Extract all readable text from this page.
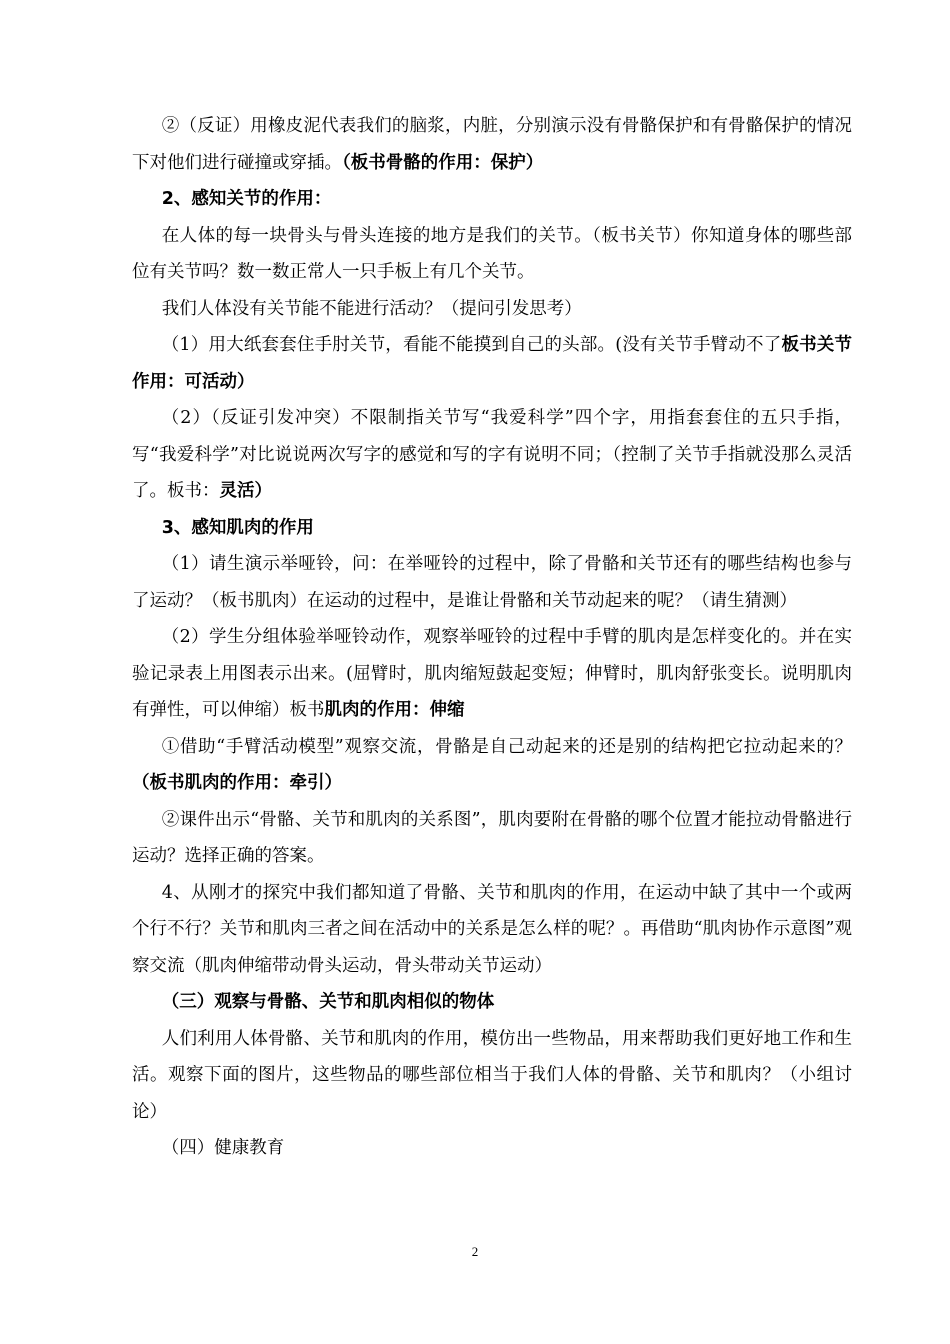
②（反证）用橡皮泥代表我们的脑浆，内脏，分别演示没有骨骼保护和有骨骼保护的情况下对他们进行碰撞或穿插。（板书骨骼的作用：保护）

2、感知关节的作用：

在人体的每一块骨头与骨头连接的地方是我们的关节。（板书关节）你知道身体的哪些部位有关节吗？数一数正常人一只手板上有几个关节。

我们人体没有关节能不能进行活动？（提问引发思考）

（1）用大纸套套住手肘关节，看能不能摸到自己的头部。(没有关节手臂动不了板书关节作用：可活动）

（2）（反证引发冲突）不限制指关节写“我爱科学”四个字，用指套套住的五只手指，写“我爱科学”对比说说两次写字的感觉和写的字有说明不同；（控制了关节手指就没那么灵活了。板书：灵活）

3、感知肌肉的作用

（1）请生演示举哑铃，问：在举哑铃的过程中，除了骨骼和关节还有的哪些结构也参与了运动？（板书肌肉）在运动的过程中，是谁让骨骼和关节动起来的呢？（请生猜测）

（2）学生分组体验举哑铃动作，观察举哑铃的过程中手臂的肌肉是怎样变化的。并在实验记录表上用图表示出来。(屈臂时，肌肉缩短鼓起变短；伸臂时，肌肉舒张变长。说明肌肉有弹性，可以伸缩）板书肌肉的作用：伸缩

①借助“手臂活动模型”观察交流，骨骼是自己动起来的还是别的结构把它拉动起来的？（板书肌肉的作用：牵引）

②课件出示“骨骼、关节和肌肉的关系图”，肌肉要附在骨骼的哪个位置才能拉动骨骼进行运动？选择正确的答案。

4、从刚才的探究中我们都知道了骨骼、关节和肌肉的作用，在运动中缺了其中一个或两个行不行？关节和肌肉三者之间在活动中的关系是怎么样的呢？。再借助“肌肉协作示意图”观察交流（肌肉伸缩带动骨头运动，骨头带动关节运动）

（三）观察与骨骼、关节和肌肉相似的物体

人们利用人体骨骼、关节和肌肉的作用，模仿出一些物品，用来帮助我们更好地工作和生活。观察下面的图片，这些物品的哪些部位相当于我们人体的骨骼、关节和肌肉？（小组讨论）

（四）健康教育

2
